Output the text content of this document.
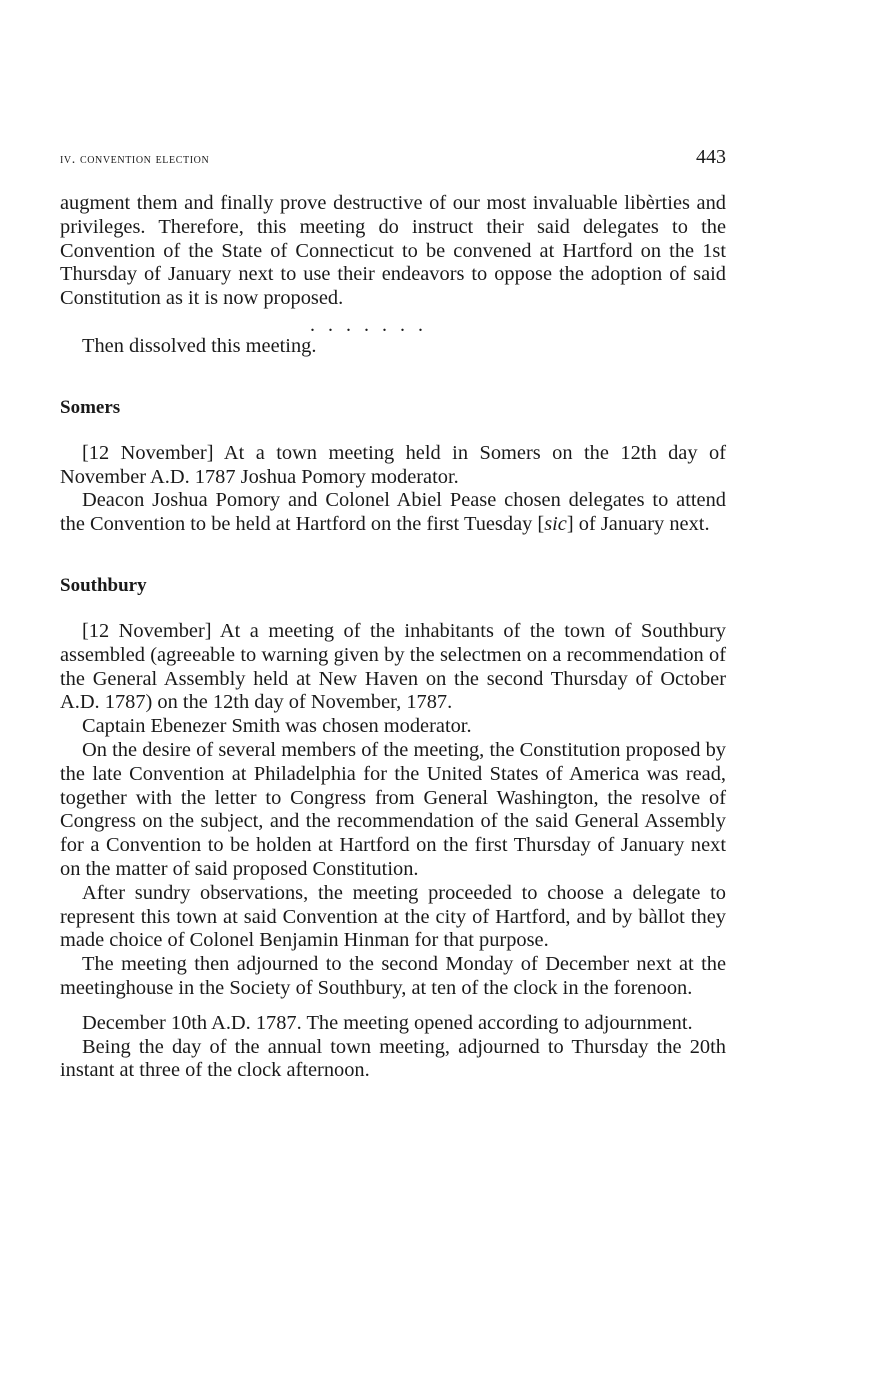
iv. convention election	443

augment them and finally prove destructive of our most invaluable libèrties and privileges. Therefore, this meeting do instruct their said delegates to the Convention of the State of Connecticut to be convened at Hartford on the 1st Thursday of January next to use their endeavors to oppose the adoption of said Constitution as it is now proposed.

.......

Then dissolved this meeting.

Somers

[12 November] At a town meeting held in Somers on the 12th day of November A.D. 1787 Joshua Pomory moderator.

Deacon Joshua Pomory and Colonel Abiel Pease chosen delegates to attend the Convention to be held at Hartford on the first Tuesday [sic] of January next.

Southbury

[12 November] At a meeting of the inhabitants of the town of Southbury assembled (agreeable to warning given by the selectmen on a recommendation of the General Assembly held at New Haven on the second Thursday of October A.D. 1787) on the 12th day of November, 1787.

Captain Ebenezer Smith was chosen moderator.

On the desire of several members of the meeting, the Constitution proposed by the late Convention at Philadelphia for the United States of America was read, together with the letter to Congress from General Washington, the resolve of Congress on the subject, and the recommendation of the said General Assembly for a Convention to be holden at Hartford on the first Thursday of January next on the matter of said proposed Constitution.

After sundry observations, the meeting proceeded to choose a delegate to represent this town at said Convention at the city of Hartford, and by bàllot they made choice of Colonel Benjamin Hinman for that purpose.

The meeting then adjourned to the second Monday of December next at the meetinghouse in the Society of Southbury, at ten of the clock in the forenoon.

December 10th A.D. 1787. The meeting opened according to adjournment.

Being the day of the annual town meeting, adjourned to Thursday the 20th instant at three of the clock afternoon.
